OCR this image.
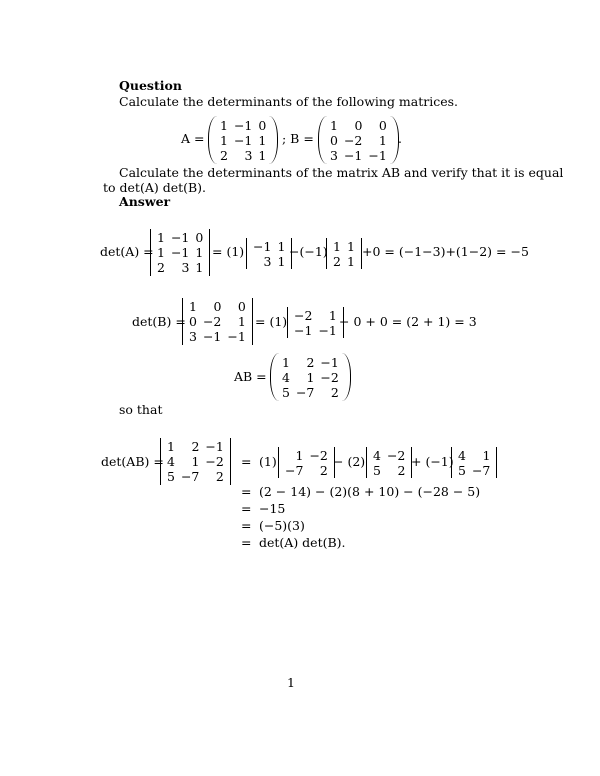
Question
Calculate the determinants of the following matrices.
A =
1	−1	0
1	−1	1
2	3	1
; B =
1	0	0
0	−2	1
3	−1	−1
.
Calculate the determinants of the matrix AB and verify that it is equal
to det(A) det(B).
Answer
det(A) =
1	−1	0
1	−1	1
2	3	1
= (1) −1	1
3	1
−(−1) 1	1
2	1
+0 = (−1−3)+(1−2) = −5
det(B) =
1	0	0
0	−2	1
3	−1	−1
= (1) −2	1
−1	−1
− 0 + 0 = (2 + 1) = 3
AB =
1	2	−1
4	1	−2
5	−7	2
so that
det(AB) =
1	2	−1
4	1	−2
5	−7	2
= (1) 1	−2
−7	2
− (2) 4	−2
5	2
+ (−1) 4	1
5	−7
= (2 − 14) − (2)(8 + 10) − (−28 − 5)
= −15
= (−5)(3)
= det(A) det(B).
1
